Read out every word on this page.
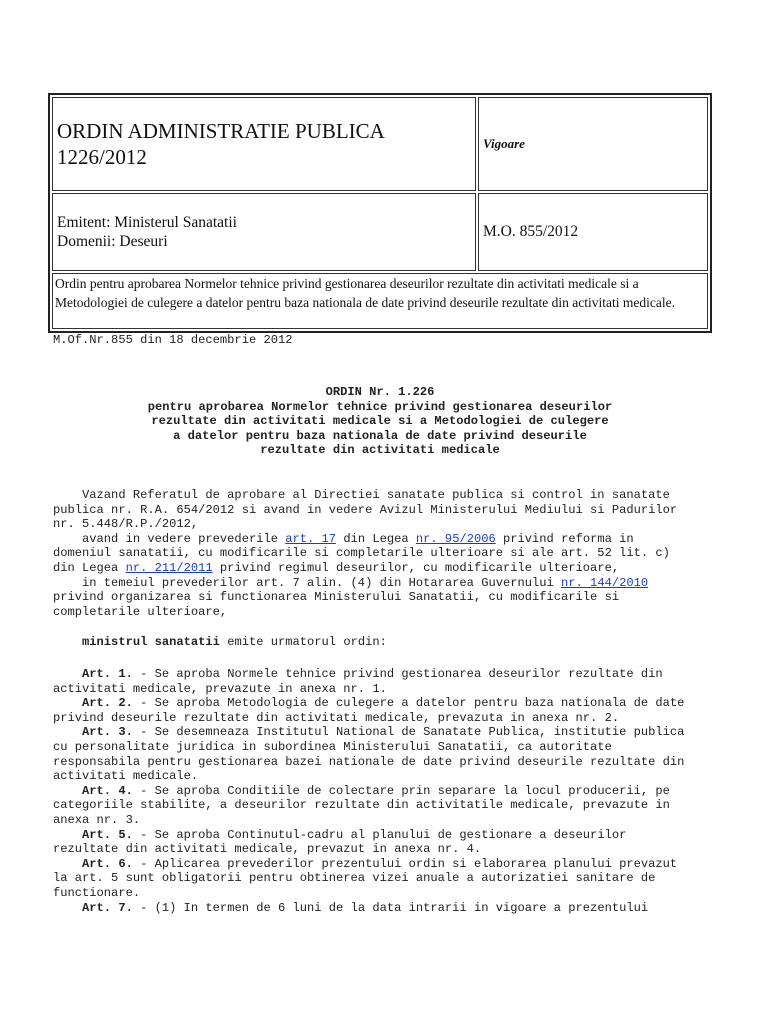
ORDIN ADMINISTRATIE PUBLICA
1226/2012	Vigoare
Emitent: Ministerul Sanatatii
Domenii: Deseuri	M.O. 855/2012
Ordin pentru aprobarea Normelor tehnice privind gestionarea deseurilor rezultate din activitati medicale si a Metodologiei de culegere a datelor pentru baza nationala de date privind deseurile rezultate din activitati medicale.	
M.Of.Nr.855 din 18 decembrie 2012
ORDIN Nr. 1.226
pentru aprobarea Normelor tehnice privind gestionarea deseurilor
rezultate din activitati medicale si a Metodologiei de culegere
a datelor pentru baza nationala de date privind deseurile
rezultate din activitati medicale
Vazand Referatul de aprobare al Directiei sanatate publica si control in sanatate
publica nr. R.A. 654/2012 si avand in vedere Avizul Ministerului Mediului si Padurilor
nr. 5.448/R.P./2012,
avand in vedere prevederile art. 17 din Legea nr. 95/2006 privind reforma in
domeniul sanatatii, cu modificarile si completarile ulterioare si ale art. 52 lit. c)
din Legea nr. 211/2011 privind regimul deseurilor, cu modificarile ulterioare,
in temeiul prevederilor art. 7 alin. (4) din Hotararea Guvernului nr. 144/2010
privind organizarea si functionarea Ministerului Sanatatii, cu modificarile si
completarile ulterioare,
ministrul sanatatii emite urmatorul ordin:
Art. 1. - Se aproba Normele tehnice privind gestionarea deseurilor rezultate din
activitati medicale, prevazute in anexa nr. 1.
Art. 2. - Se aproba Metodologia de culegere a datelor pentru baza nationala de date
privind deseurile rezultate din activitati medicale, prevazuta in anexa nr. 2.
Art. 3. - Se desemneaza Institutul National de Sanatate Publica, institutie publica
cu personalitate juridica in subordinea Ministerului Sanatatii, ca autoritate
responsabila pentru gestionarea bazei nationale de date privind deseurile rezultate din
activitati medicale.
Art. 4. - Se aproba Conditiile de colectare prin separare la locul producerii, pe
categoriile stabilite, a deseurilor rezultate din activitatile medicale, prevazute in
anexa nr. 3.
Art. 5. - Se aproba Continutul-cadru al planului de gestionare a deseurilor
rezultate din activitati medicale, prevazut in anexa nr. 4.
Art. 6. - Aplicarea prevederilor prezentului ordin si elaborarea planului prevazut
la art. 5 sunt obligatorii pentru obtinerea vizei anuale a autorizatiei sanitare de
functionare.
Art. 7. - (1) In termen de 6 luni de la data intrarii in vigoare a prezentului
